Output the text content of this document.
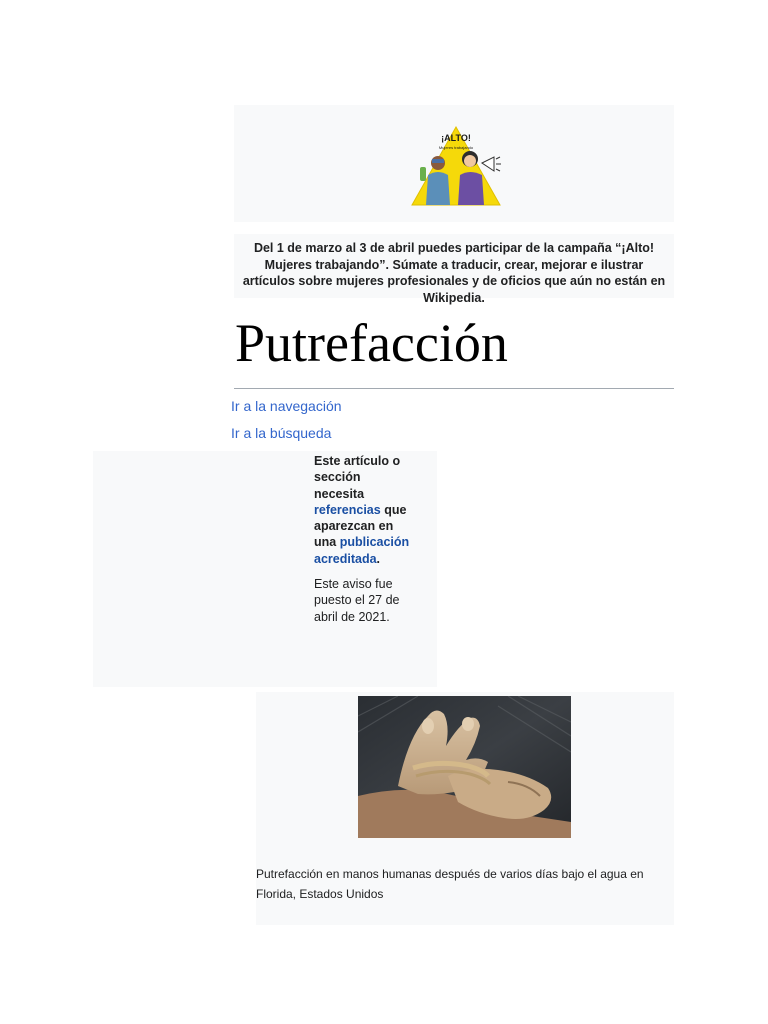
¡ALTO!
Mujeres trabajando
Del 1 de marzo al 3 de abril puedes participar de la campaña “¡Alto! Mujeres trabajando”. Súmate a traducir, crear, mejorar e ilustrar artículos sobre mujeres profesionales y de oficios que aún no están en Wikipedia.
Putrefacción
Ir a la navegación
Ir a la búsqueda

Este artículo o sección necesita referencias que aparezcan en una publicación acreditada.

Este aviso fue puesto el 27 de abril de 2021.

Putrefacción en manos humanas después de varios días bajo el agua en Florida, Estados Unidos
